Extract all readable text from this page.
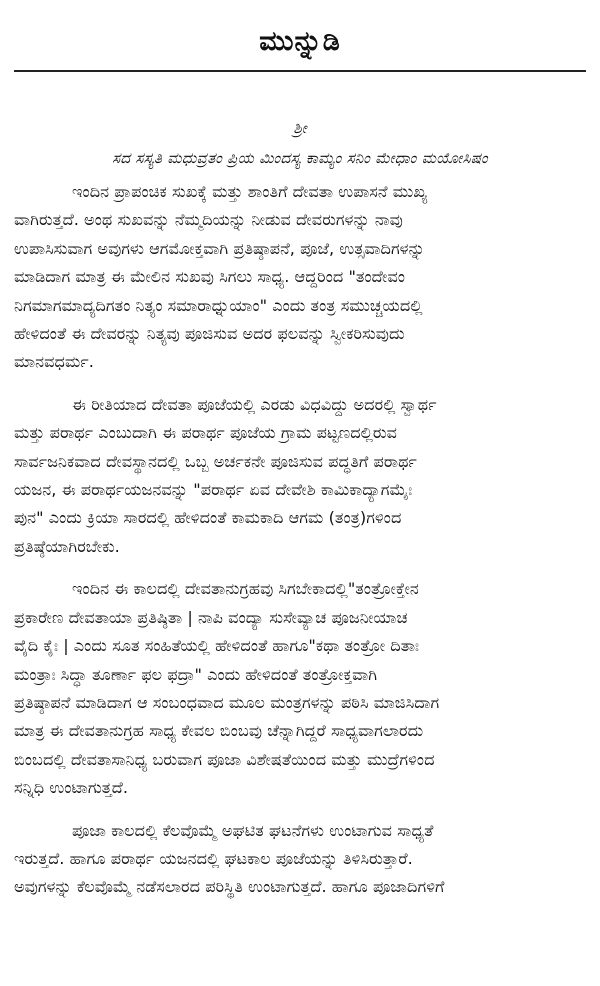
ಮುನ್ನುಡಿ
ಶ್ರೀ
ಸದ ಸಸ್ಯತಿ ಮಧುವ್ರತಂ ಪ್ರಿಯ ಮಿಂದಸ್ಯ ಕಾಮ್ಯಂ ಸನಿಂ ಮೇಧಾಂ ಮಯೋಸಿಷಂ
ಇಂದಿನ ಪ್ರಾಪಂಚಿಕ ಸುಖಕ್ಕೆ ಮತ್ತು ಶಾಂತಿಗೆ ದೇವತಾ ಉಪಾಸನೆ ಮುಖ್ಯ
ವಾಗಿರುತ್ತದೆ. ಅಂಥ ಸುಖವನ್ನು ನೆಮ್ಮದಿಯನ್ನು ನೀಡುವ ದೇವರುಗಳನ್ನು ನಾವು
ಉಪಾಸಿಸುವಾಗ ಅವುಗಳು ಆಗಮೋಕ್ತವಾಗಿ ಪ್ರತಿಷ್ಠಾಪನೆ, ಪೂಜೆ, ಉತ್ಸವಾದಿಗಳನ್ನು
ಮಾಡಿದಾಗ ಮಾತ್ರ ಈ ಮೇಲಿನ ಸುಖವು ಸಿಗಲು ಸಾಧ್ಯ. ಆದ್ದರಿಂದ "ತಂದೇವಂ
ನಿಗಮಾಗಮಾದ್ಯದಿಗತಂ ನಿತ್ಯಂ ಸಮಾರಾಧ್ನುಯಾಂ" ಎಂದು ತಂತ್ರ ಸಮುಚ್ಚಯದಲ್ಲಿ
ಹೇಳಿದಂತೆ ಈ ದೇವರನ್ನು ನಿತ್ಯವು ಪೂಜಿಸುವ ಅದರ ಫಲವನ್ನು ಸ್ವೀಕರಿಸುವುದು
ಮಾನವಧರ್ಮ.
ಈ ರೀತಿಯಾದ ದೇವತಾ ಪೂಜೆಯಲ್ಲಿ ಎರಡು ವಿಧವಿದ್ದು ಅದರಲ್ಲಿ ಸ್ವಾರ್ಥ
ಮತ್ತು ಪರಾರ್ಥ ಎಂಬುದಾಗಿ ಈ ಪರಾರ್ಥ ಪೂಜೆಯ ಗ್ರಾಮ ಪಟ್ಟಣದಲ್ಲಿರುವ
ಸಾರ್ವಜನಿಕವಾದ ದೇವಸ್ಥಾನದಲ್ಲಿ ಒಬ್ಬ ಅರ್ಚಕನೇ ಪೂಜಿಸುವ ಪದ್ಧತಿಗೆ ಪರಾರ್ಥ
ಯಜನ, ಈ ಪರಾರ್ಥಯಜನವನ್ನು "ಪರಾರ್ಥ ಏವ ದೇವೇಶಿ ಕಾಮಿಕಾದ್ಯಾಗಮೈಃ
ಪುನ" ಎಂದು ಕ್ರಿಯಾ ಸಾರದಲ್ಲಿ ಹೇಳಿದಂತೆ ಕಾಮಕಾದಿ ಆಗಮ (ತಂತ್ರ)ಗಳಿಂದ
ಪ್ರತಿಷ್ಠೆಯಾಗಿರಬೇಕು.
ಇಂದಿನ ಈ ಕಾಲದಲ್ಲಿ ದೇವತಾನುಗ್ರಹವು ಸಿಗಬೇಕಾದಲ್ಲಿ"ತಂತ್ರೋಕ್ತೇನ
ಪ್ರಕಾರೇಣ ದೇವತಾಯಾ ಪ್ರತಿಷ್ಠಿತಾ | ನಾಪಿ ವಂದ್ಯಾ ಸುಸೇವ್ಯಾಚ ಪೂಜನೀಯಾಚ
ವೈದಿ ಕೈಃ | ಎಂದು ಸೂತ ಸಂಹಿತೆಯಲ್ಲಿ ಹೇಳಿದಂತೆ ಹಾಗೂ"ಕಥಾ ತಂತ್ರೋ ದಿತಾಃ
ಮಂತ್ರಾಃ ಸಿದ್ಧಾ ತೂರ್ಣಾ ಫಲ ಫದ್ರಾ" ಎಂದು ಹೇಳಿದಂತೆ ತಂತ್ರೋಕ್ತವಾಗಿ
ಪ್ರತಿಷ್ಠಾಪನೆ ಮಾಡಿದಾಗ ಆ ಸಂಬಂಧವಾದ ಮೂಲ ಮಂತ್ರಗಳನ್ನು ಪಠಿಸಿ ಮಾಜಿಸಿದಾಗ
ಮಾತ್ರ ಈ ದೇವತಾನುಗ್ರಹ ಸಾಧ್ಯ ಕೇವಲ ಬಿಂಬವು ಚೆನ್ನಾಗಿದ್ದರೆ ಸಾಧ್ಯವಾಗಲಾರದು
ಬಿಂಬದಲ್ಲಿ ದೇವತಾಸಾನಿಧ್ಯ ಬರುವಾಗ ಪೂಜಾ ವಿಶೇಷತೆಯಿಂದ ಮತ್ತು ಮುದ್ರೆಗಳಿಂದ
ಸನ್ನಿಧಿ ಉಂಟಾಗುತ್ತದೆ.
ಪೂಜಾ ಕಾಲದಲ್ಲಿ ಕೆಲವೊಮ್ಮೆ ಅಘಟಿತ ಘಟನೆಗಳು ಉಂಟಾಗುವ ಸಾಧ್ಯತೆ
ಇರುತ್ತದೆ. ಹಾಗೂ ಪರಾರ್ಥ ಯಜನದಲ್ಲಿ ಘಟಕಾಲ ಪೂಜೆಯನ್ನು ತಿಳಿಸಿರುತ್ತಾರೆ.
ಅವುಗಳನ್ನು ಕೆಲವೊಮ್ಮೆ ನಡೆಸಲಾರದ ಪರಿಸ್ಥಿತಿ ಉಂಟಾಗುತ್ತದೆ. ಹಾಗೂ ಪೂಜಾದಿಗಳಿಗೆ
